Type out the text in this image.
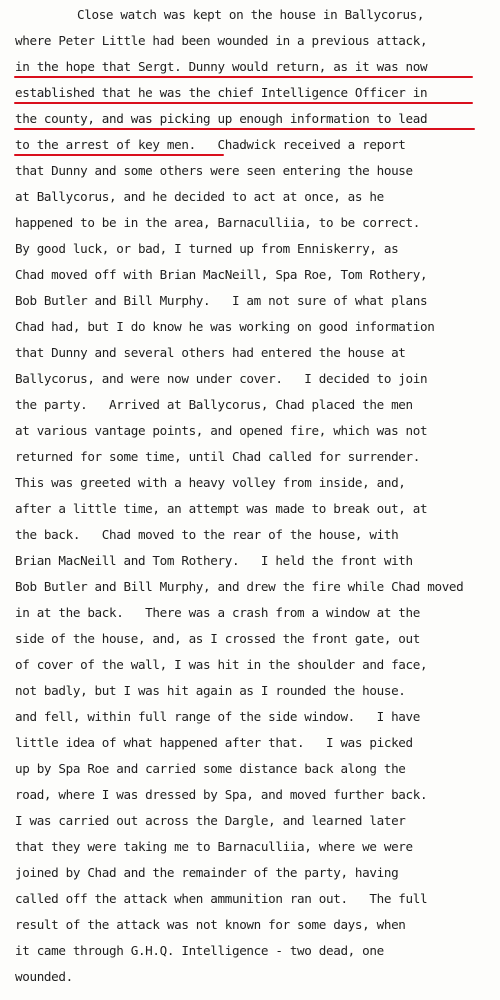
Close watch was kept on the house in Ballycorus,
where Peter Little had been wounded in a previous attack,
in the hope that Sergt. Dunny would return, as it was now
established that he was the chief Intelligence Officer in
the county, and was picking up enough information to lead
to the arrest of key men.   Chadwick received a report
that Dunny and some others were seen entering the house
at Ballycorus, and he decided to act at once, as he
happened to be in the area, Barnaculliia, to be correct.
By good luck, or bad, I turned up from Enniskerry, as
Chad moved off with Brian MacNeill, Spa Roe, Tom Rothery,
Bob Butler and Bill Murphy.   I am not sure of what plans
Chad had, but I do know he was working on good information
that Dunny and several others had entered the house at
Ballycorus, and were now under cover.   I decided to join
the party.   Arrived at Ballycorus, Chad placed the men
at various vantage points, and opened fire, which was not
returned for some time, until Chad called for surrender.
This was greeted with a heavy volley from inside, and,
after a little time, an attempt was made to break out, at
the back.   Chad moved to the rear of the house, with
Brian MacNeill and Tom Rothery.   I held the front with
Bob Butler and Bill Murphy, and drew the fire while Chad moved
in at the back.   There was a crash from a window at the
side of the house, and, as I crossed the front gate, out
of cover of the wall, I was hit in the shoulder and face,
not badly, but I was hit again as I rounded the house.
and fell, within full range of the side window.   I have
little idea of what happened after that.   I was picked
up by Spa Roe and carried some distance back along the
road, where I was dressed by Spa, and moved further back.
I was carried out across the Dargle, and learned later
that they were taking me to Barnaculliia, where we were
joined by Chad and the remainder of the party, having
called off the attack when ammunition ran out.   The full
result of the attack was not known for some days, when
it came through G.H.Q. Intelligence - two dead, one
wounded.
